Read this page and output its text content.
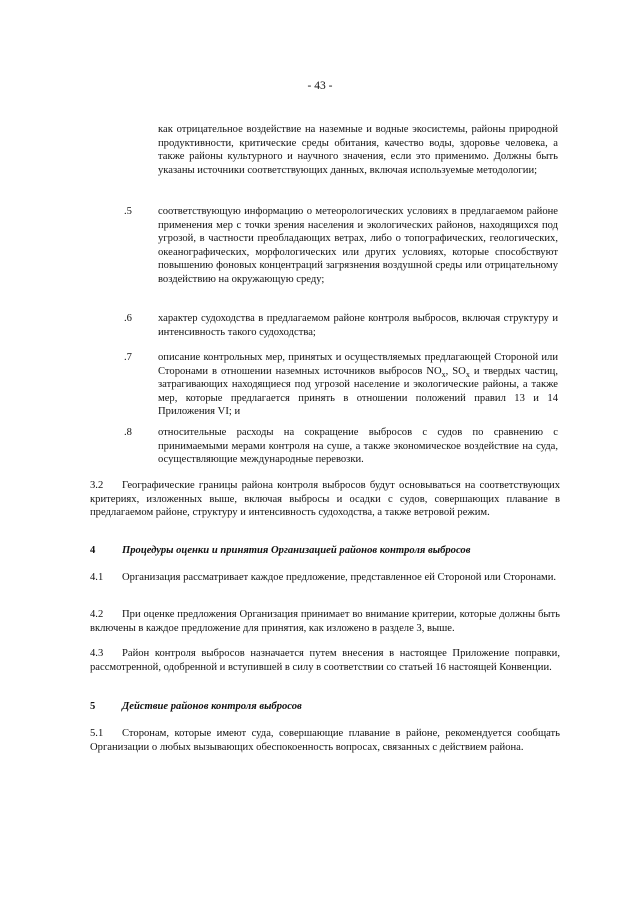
- 43 -
как отрицательное воздействие на наземные и водные экосистемы, районы природной продуктивности, критические среды обитания, качество воды, здоровье человека, а также районы культурного и научного значения, если это применимо. Должны быть указаны источники соответствующих данных, включая используемые методологии;
.5 соответствующую информацию о метеорологических условиях в предлагаемом районе применения мер с точки зрения населения и экологических районов, находящихся под угрозой, в частности преобладающих ветрах, либо о топографических, геологических, океанографических, морфологических или других условиях, которые способствуют повышению фоновых концентраций загрязнения воздушной среды или отрицательному воздействию на окружающую среду;
.6 характер судоходства в предлагаемом районе контроля выбросов, включая структуру и интенсивность такого судоходства;
.7 описание контрольных мер, принятых и осуществляемых предлагающей Стороной или Сторонами в отношении наземных источников выбросов $NO_x$, $SO_x$ и твердых частиц, затрагивающих находящиеся под угрозой население и экологические районы, а также мер, которые предлагается принять в отношении положений правил 13 и 14 Приложения VI; и
.8 относительные расходы на сокращение выбросов с судов по сравнению с принимаемыми мерами контроля на суше, а также экономическое воздействие на суда, осуществляющие международные перевозки.
3.2 Географические границы района контроля выбросов будут основываться на соответствующих критериях, изложенных выше, включая выбросы и осадки с судов, совершающих плавание в предлагаемом районе, структуру и интенсивность судоходства, а также ветровой режим.
4	Процедуры оценки и принятия Организацией районов контроля выбросов
4.1 Организация рассматривает каждое предложение, представленное ей Стороной или Сторонами.
4.2 При оценке предложения Организация принимает во внимание критерии, которые должны быть включены в каждое предложение для принятия, как изложено в разделе 3, выше.
4.3 Район контроля выбросов назначается путем внесения в настоящее Приложение поправки, рассмотренной, одобренной и вступившей в силу в соответствии со статьей 16 настоящей Конвенции.
5	Действие районов контроля выбросов
5.1 Сторонам, которые имеют суда, совершающие плавание в районе, рекомендуется сообщать Организации о любых вызывающих обеспокоенность вопросах, связанных с действием района.
